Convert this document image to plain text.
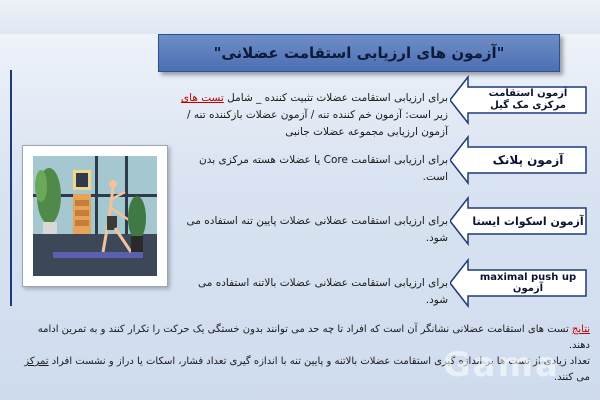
"آزمون های ارزیابی استقامت عضلانی"
برای ارزیابی استقامت عضلات تثبیت کننده _ شامل تست های زیر است: آزمون خم کننده تنه / آزمون عضلات بازکننده تنه / آزمون ارزیابی مجموعه عضلات جانبی
آزمون استقامت مرکزی مک گیل
برای ارزیابی استقامت Core یا عضلات هسته مرکزی بدن است.
آزمون پلانک
برای ارزیابی استقامت عضلانی عضلات پایین تنه استفاده می شود.
آزمون اسکوات ایستا
برای ارزیابی استقامت عضلانی عضلات بالاتنه استفاده می شود.
maximal push up آزمون
نتایج تست های استقامت عضلانی نشانگر آن است که افراد تا چه حد می توانند بدون خستگی یک حرکت را تکرار کنند و به تمرین ادامه دهند.
تعداد زیادی از تست ها بر اندازه گیری استقامت عضلات بالاتنه و پایین تنه با اندازه گیری تعداد فشار، اسکات یا دراز و نشست افراد تمرکز می کنند.
Gama
